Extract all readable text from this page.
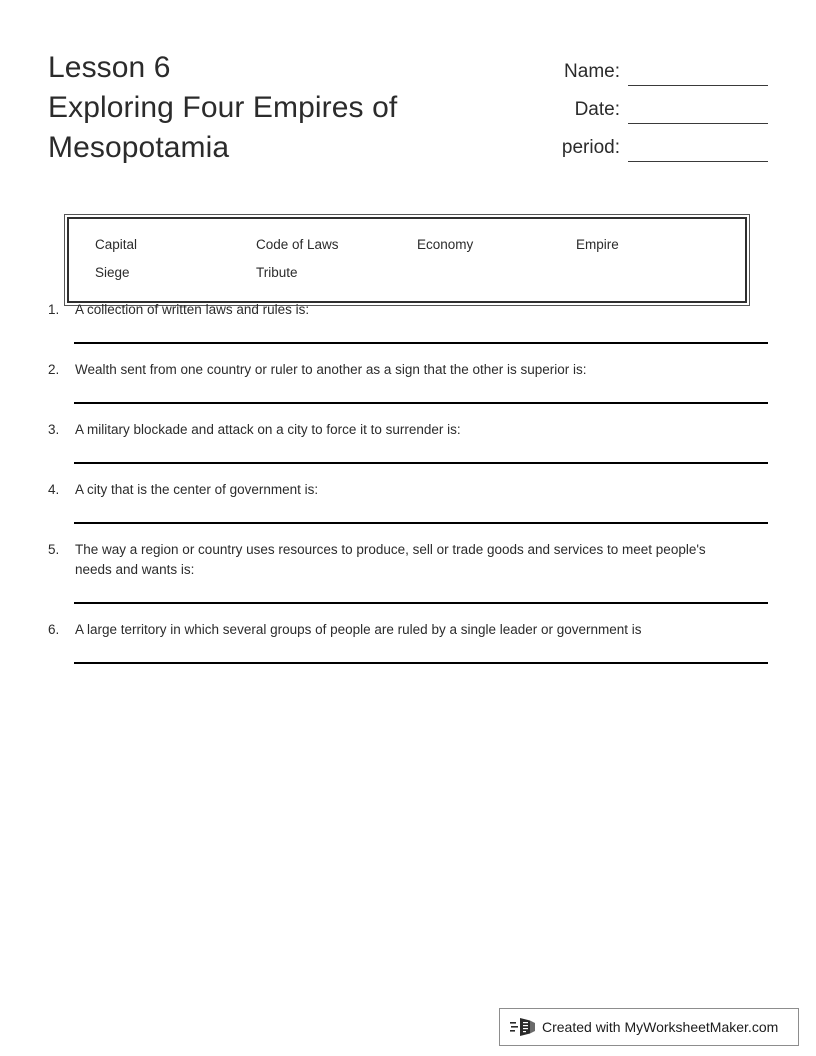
Lesson 6
Exploring Four Empires of
Mesopotamia
Name:
Date:
period:
Capital	Code of Laws	Economy	Empire
Siege	Tribute
1.	A collection of written laws and rules is:
2.	Wealth sent from one country or ruler to another as a sign that the other is superior is:
3.	A military blockade and attack on a city to force it to surrender is:
4.	A city that is the center of government is:
5.	The way a region or country uses resources to produce, sell or trade goods and services to meet people's needs and wants is:
6.	A large territory in which several groups of people are ruled by a single leader or government is
Created with MyWorksheetMaker.com
